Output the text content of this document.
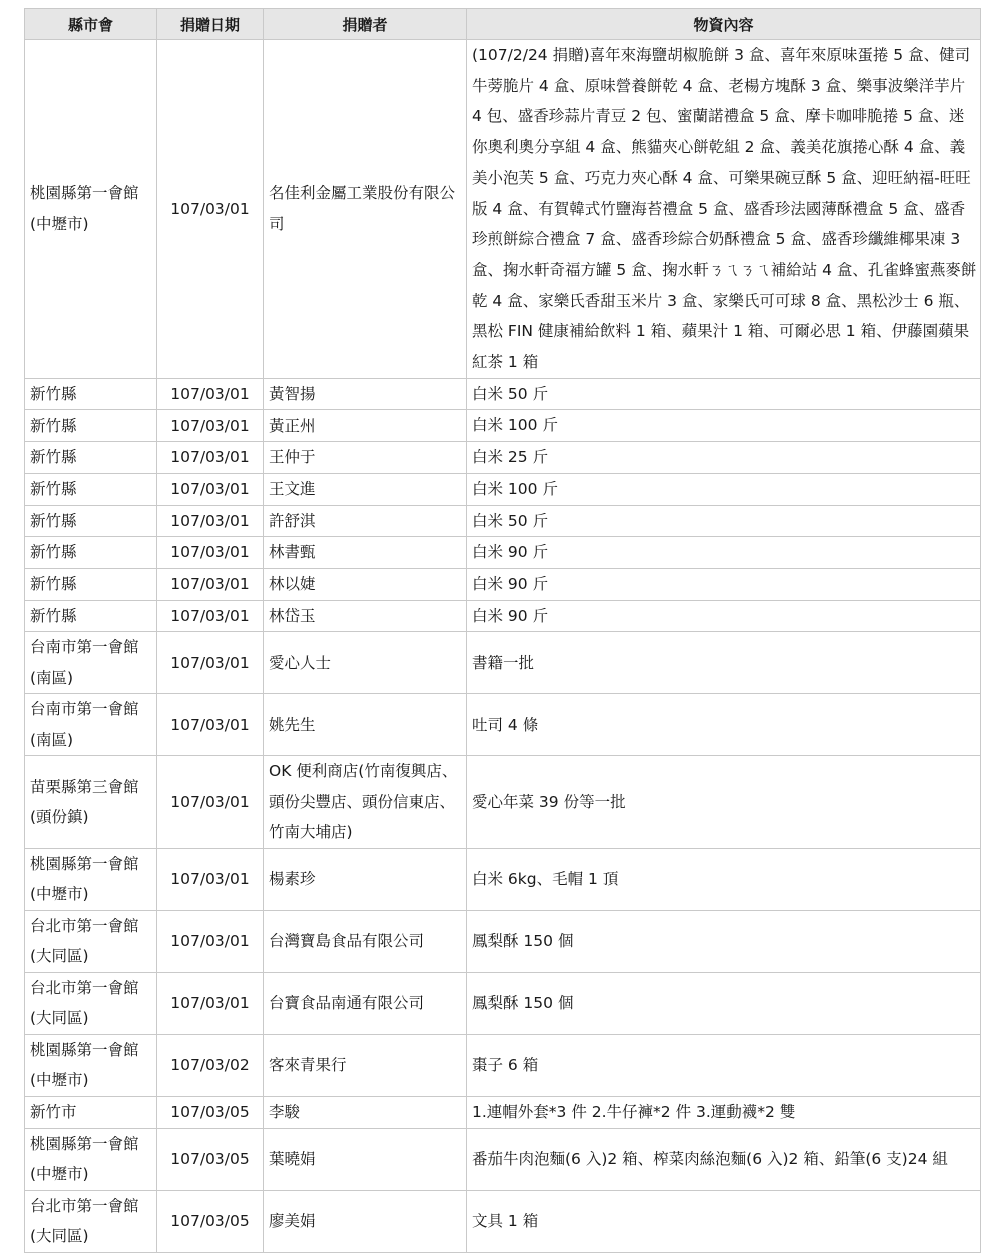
縣市會	捐贈日期	捐贈者	物資內容
桃園縣第一會館
(中壢市)	107/03/01	名佳利金屬工業股份有限公司	(107/2/24 捐贈)喜年來海鹽胡椒脆餅 3 盒、喜年來原味蛋捲 5 盒、健司牛蒡脆片 4 盒、原味營養餅乾 4 盒、老楊方塊酥 3 盒、樂事波樂洋芋片 4 包、盛香珍蒜片青豆 2 包、蜜蘭諾禮盒 5 盒、摩卡咖啡脆捲 5 盒、迷你奧利奧分享組 4 盒、熊貓夾心餅乾組 2 盒、義美花旗捲心酥 4 盒、義美小泡芙 5 盒、巧克力夾心酥 4 盒、可樂果碗豆酥 5 盒、迎旺納福-旺旺版 4 盒、有賀韓式竹鹽海苔禮盒 5 盒、盛香珍法國薄酥禮盒 5 盒、盛香珍煎餅綜合禮盒 7 盒、盛香珍綜合奶酥禮盒 5 盒、盛香珍纖維椰果凍 3 盒、掬水軒奇福方罐 5 盒、掬水軒ㄋㄟㄋㄟ補給站 4 盒、孔雀蜂蜜燕麥餅乾 4 盒、家樂氏香甜玉米片 3 盒、家樂氏可可球 8 盒、黑松沙士 6 瓶、黑松 FIN 健康補給飲料 1 箱、蘋果汁 1 箱、可爾必思 1 箱、伊藤園蘋果紅茶 1 箱
新竹縣	107/03/01	黃智揚	白米 50 斤
新竹縣	107/03/01	黃正州	白米 100 斤
新竹縣	107/03/01	王仲于	白米 25 斤
新竹縣	107/03/01	王文進	白米 100 斤
新竹縣	107/03/01	許舒淇	白米 50 斤
新竹縣	107/03/01	林書甄	白米 90 斤
新竹縣	107/03/01	林以婕	白米 90 斤
新竹縣	107/03/01	林岱玉	白米 90 斤
台南市第一會館
(南區)	107/03/01	愛心人士	書籍一批
台南市第一會館
(南區)	107/03/01	姚先生	吐司 4 條
苗栗縣第三會館
(頭份鎮)	107/03/01	OK 便利商店(竹南復興店、頭份尖豐店、頭份信東店、竹南大埔店)	愛心年菜 39 份等一批
桃園縣第一會館
(中壢市)	107/03/01	楊素珍	白米 6kg、毛帽 1 頂
台北市第一會館
(大同區)	107/03/01	台灣寶島食品有限公司	鳳梨酥 150 個
台北市第一會館
(大同區)	107/03/01	台寶食品南通有限公司	鳳梨酥 150 個
桃園縣第一會館
(中壢市)	107/03/02	客來青果行	棗子 6 箱
新竹市	107/03/05	李駿	1.連帽外套*3 件 2.牛仔褲*2 件 3.運動襪*2 雙
桃園縣第一會館
(中壢市)	107/03/05	葉曉娟	番茄牛肉泡麵(6 入)2 箱、榨菜肉絲泡麵(6 入)2 箱、鉛筆(6 支)24 組
台北市第一會館
(大同區)	107/03/05	廖美娟	文具 1 箱
